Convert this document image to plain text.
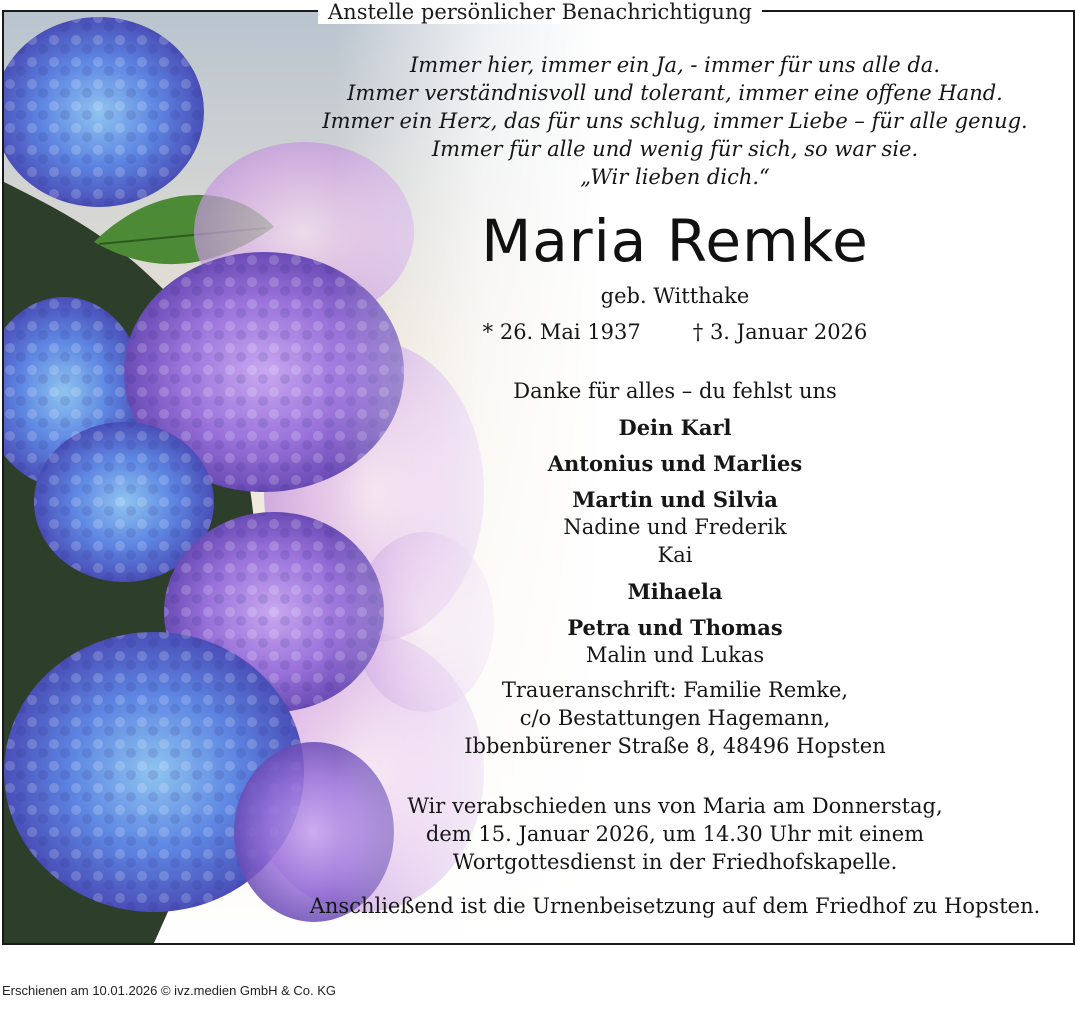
Immer hier, immer ein Ja, - immer für uns alle da.
Immer verständnisvoll und tolerant, immer eine offene Hand.
Immer ein Herz, das für uns schlug, immer Liebe – für alle genug.
Immer für alle und wenig für sich, so war sie.
„Wir lieben dich.“
Maria Remke
geb. Witthake
* 26. Mai 1937 † 3. Januar 2026
Danke für alles – du fehlst uns
Dein Karl
Antonius und Marlies
Martin und Silvia
Nadine und Frederik
Kai
Mihaela
Petra und Thomas
Malin und Lukas
Traueranschrift: Familie Remke,
c/o Bestattungen Hagemann,
Ibbenbürener Straße 8, 48496 Hopsten
Wir verabschieden uns von Maria am Donnerstag,
dem 15. Januar 2026, um 14.30 Uhr mit einem
Wortgottesdienst in der Friedhofskapelle.
Anschließend ist die Urnenbeisetzung auf dem Friedhof zu Hopsten.
Anstelle persönlicher Benachrichtigung
Erschienen am 10.01.2026 © ivz.medien GmbH & Co. KG
